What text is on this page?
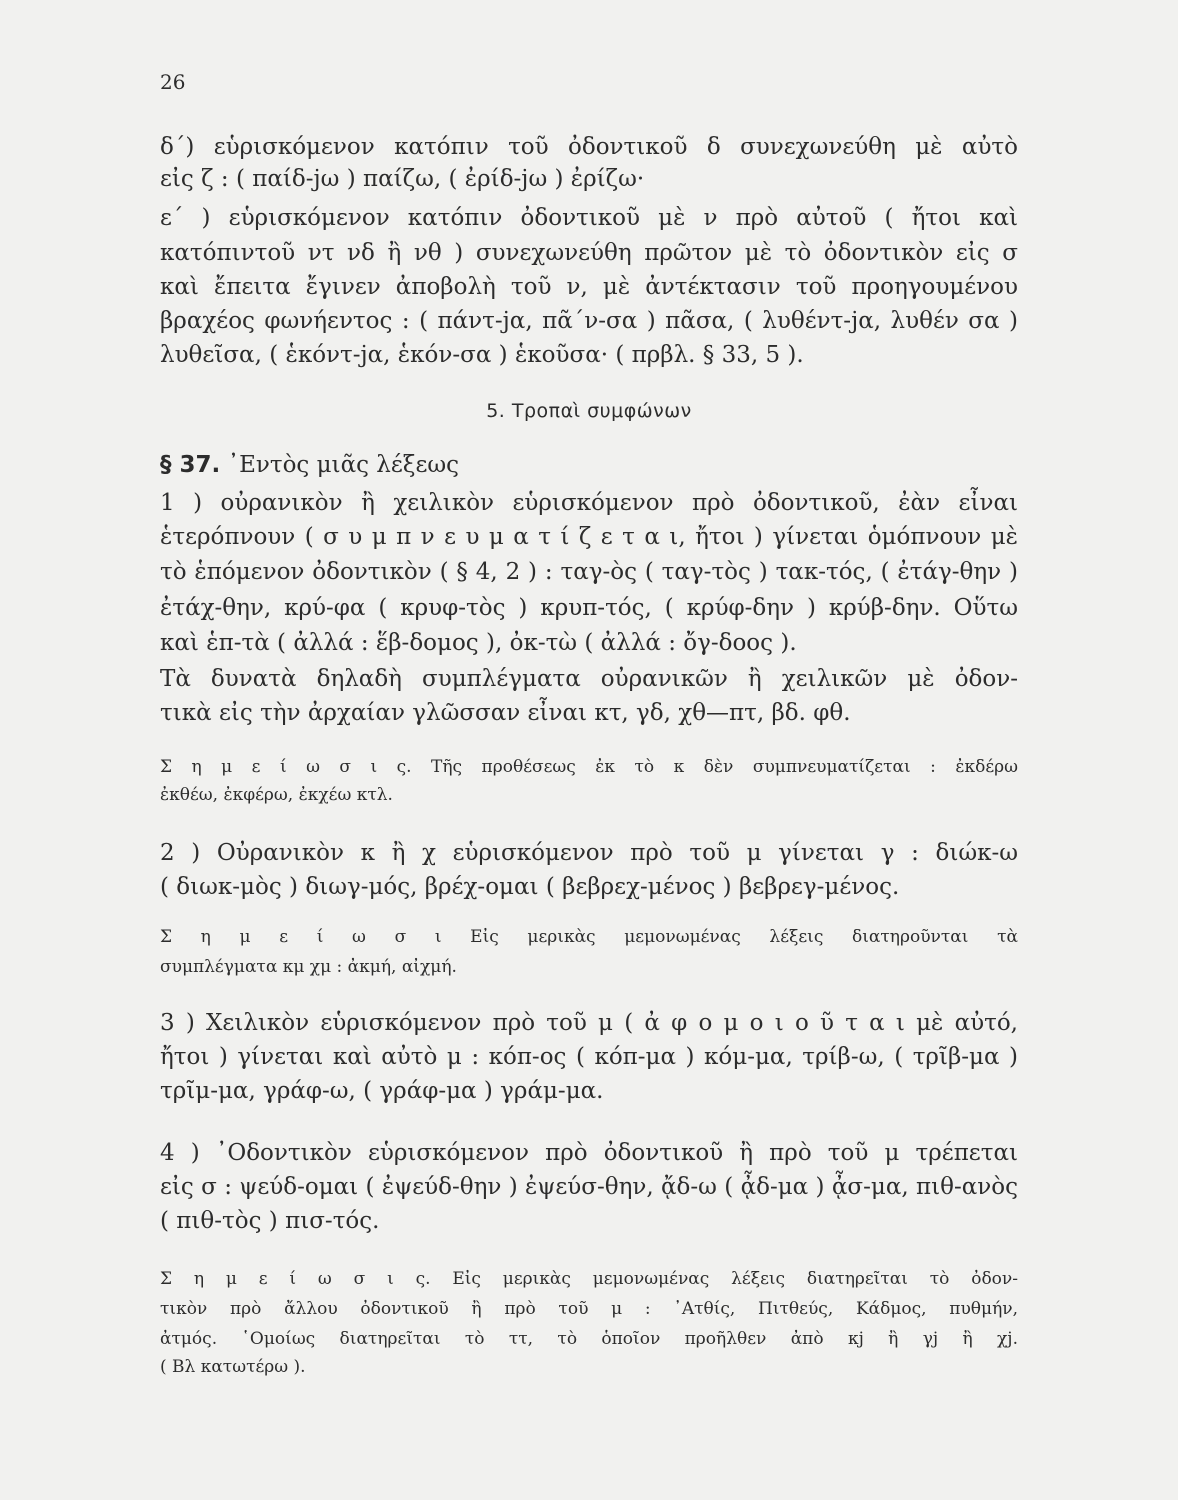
26
δ΄) εὑρισκόμενον κατόπιν τοῦ ὀδοντικοῦ δ συνεχωνεύθη μὲ αὐτὸ
εἰς ζ : ( παίδ-jω ) παίζω, ( ἐρίδ-jω ) ἐρίζω·
ε΄ ) εὑρισκόμενον κατόπιν ὀδοντικοῦ μὲ ν πρὸ αὐτοῦ ( ἤτοι καὶ
κατόπιντοῦ ντ νδ ἢ νθ ) συνεχωνεύθη πρῶτον μὲ τὸ ὀδοντικὸν εἰς σ
καὶ ἔπειτα ἔγινεν ἀποβολὴ τοῦ ν, μὲ ἀντέκτασιν τοῦ προηγουμένου
βραχέος φωνήεντος : ( πάντ-jα, πᾶ΄ν-σα ) πᾶσα, ( λυθέντ-jα, λυθέν σα )
λυθεῖσα, ( ἑκόντ-jα, ἑκόν-σα ) ἑκοῦσα· ( πρβλ. § 33, 5 ).
5. Τροπαὶ συμφώνων
§ 37. ᾿Εντὸς μιᾶς λέξεως
1 ) οὐρανικὸν ἢ χειλικὸν εὑρισκόμενον πρὸ ὀδοντικοῦ, ἐὰν εἶναι
ἑτερόπνουν ( σ υ μ π ν ε υ μ α τ ί ζ ε τ α ι, ἤτοι ) γίνεται ὁμόπνουν μὲ
τὸ ἑπόμενον ὀδοντικὸν ( § 4, 2 ) : ταγ-ὸς ( ταγ-τὸς ) τακ-τός, ( ἐτάγ-θην )
ἐτάχ-θην, κρύ-φα ( κρυφ-τὸς ) κρυπ-τός, ( κρύφ-δην ) κρύβ-δην. Οὕτω
καὶ ἑπ-τὰ ( ἀλλά : ἕβ-δομος ), ὀκ-τὼ ( ἀλλά : ὄγ-δοος ).
Τὰ δυνατὰ δηλαδὴ συμπλέγματα οὐρανικῶν ἢ χειλικῶν μὲ ὀδον-
τικὰ εἰς τὴν ἀρχαίαν γλῶσσαν εἶναι κτ, γδ, χθ—πτ, βδ. φθ.
Σ η μ ε ί ω σ ι ς. Τῆς προθέσεως ἐκ τὸ κ δὲν συμπνευματίζεται : ἐκδέρω
ἐκθέω, ἐκφέρω, ἐκχέω κτλ.
2 ) Οὐρανικὸν κ ἢ χ εὑρισκόμενον πρὸ τοῦ μ γίνεται γ : διώκ-ω
( διωκ-μὸς ) διωγ-μός, βρέχ-ομαι ( βεβρεχ-μένος ) βεβρεγ-μένος.
Σ η μ ε ί ω σ ι Εἰς μερικὰς μεμονωμένας λέξεις διατηροῦνται τὰ
συμπλέγματα κμ χμ : ἀκμή, αἰχμή.
3 ) Χειλικὸν εὑρισκόμενον πρὸ τοῦ μ ( ἀ φ ο μ ο ι ο ῦ τ α ι μὲ αὐτό,
ἤτοι ) γίνεται καὶ αὐτὸ μ : κόπ-ος ( κόπ-μα ) κόμ-μα, τρίβ-ω, ( τρῖβ-μα )
τρῖμ-μα, γράφ-ω, ( γράφ-μα ) γράμ-μα.
4 ) ᾿Οδοντικὸν εὑρισκόμενον πρὸ ὀδοντικοῦ ἢ πρὸ τοῦ μ τρέπεται
εἰς σ : ψεύδ-ομαι ( ἐψεύδ-θην ) ἐψεύσ-θην, ᾄδ-ω ( ᾆδ-μα ) ᾆσ-μα, πιθ-ανὸς
( πιθ-τὸς ) πισ-τός.
Σ η μ ε ί ω σ ι ς. Εἰς μερικὰς μεμονωμένας λέξεις διατηρεῖται τὸ ὀδον-
τικὸν πρὸ ἄλλου ὀδοντικοῦ ἢ πρὸ τοῦ μ : ᾿Ατθίς, Πιτθεύς, Κάδμος, πυθμήν,
ἀτμός. ῾Ομοίως διατηρεῖται τὸ ττ, τὸ ὁποῖον προῆλθεν ἀπὸ κj ἢ γj ἢ χj.
( Βλ κατωτέρω ).
